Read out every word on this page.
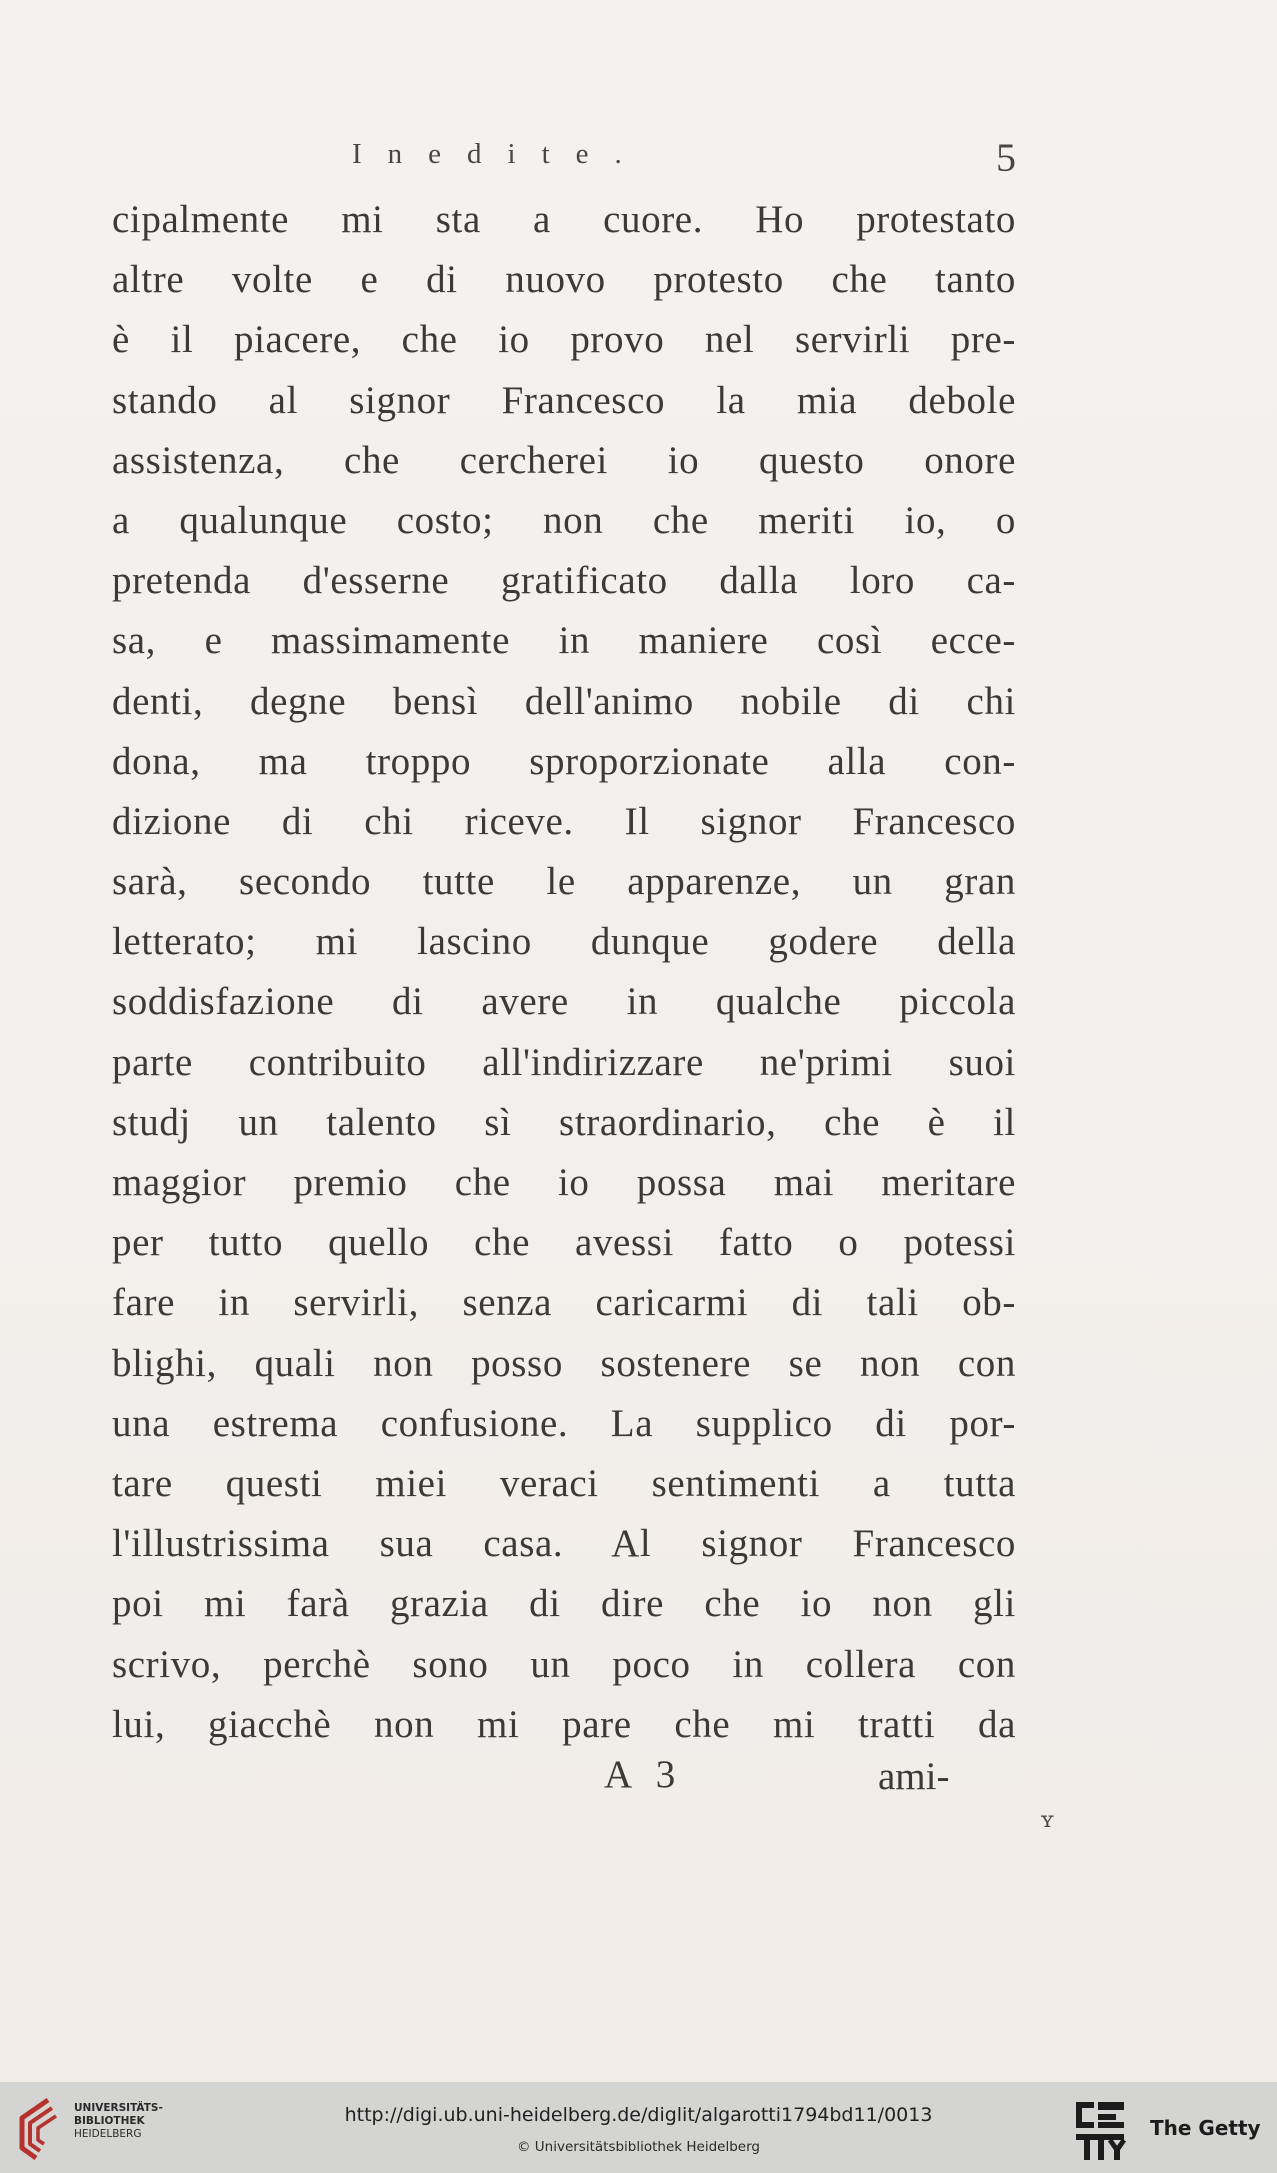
Inedite.	5
cipalmente mi sta a cuore. Ho protestato
altre volte e di nuovo protesto che tanto
è il piacere, che io provo nel servirli pre-
stando al signor Francesco la mia debole
assistenza, che cercherei io questo onore
a qualunque costo; non che meriti io, o
pretenda d'esserne gratificato dalla loro ca-
sa, e massimamente in maniere così ecce-
denti, degne bensì dell'animo nobile di chi
dona, ma troppo sproporzionate alla con-
dizione di chi riceve. Il signor Francesco
sarà, secondo tutte le apparenze, un gran
letterato; mi lascino dunque godere della
soddisfazione di avere in qualche piccola
parte contribuito all'indirizzare ne'primi suoi
studj un talento sì straordinario, che è il
maggior premio che io possa mai meritare
per tutto quello che avessi fatto o potessi
fare in servirli, senza caricarmi di tali ob-
blighi, quali non posso sostenere se non con
una estrema confusione. La supplico di por-
tare questi miei veraci sentimenti a tutta
l'illustrissima sua casa. Al signor Francesco
poi mi farà grazia di dire che io non gli
scrivo, perchè sono un poco in collera con
lui, giacchè non mi pare che mi tratti da
A 3	ami-
ʏ
UNIVERSITÄTS-
BIBLIOTHEK
HEIDELBERG
http://digi.ub.uni-heidelberg.de/diglit/algarotti1794bd11/0013
© Universitätsbibliothek Heidelberg
The Getty
